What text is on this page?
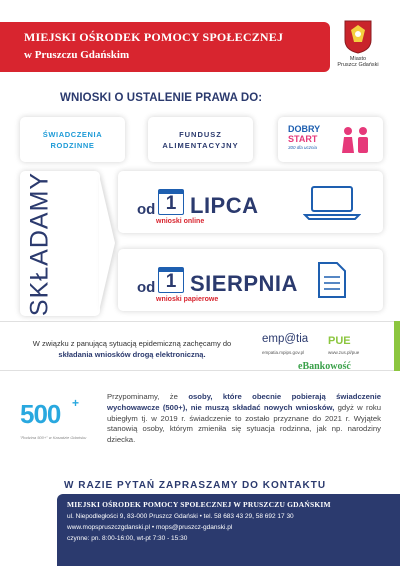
MIEJSKI OŚRODEK POMOCY SPOŁECZNEJ
w Pruszczu Gdańskim	Miasto
Pruszcz Gdański
WNIOSKI O USTALENIE PRAWA DO:
ŚWIADCZENIA
RODZINNE
FUNDUSZ
ALIMENTACYJNY
DOBRY
START
300 dla ucznia
SKŁADAMY	od 1 LIPCA
wnioski online
od 1 SIERPNIA
wnioski papierowe
W związku z panującą sytuacją epidemiczną zachęcamy do
składania wniosków drogą elektroniczną.
emp@tia
empatia.mpips.gov.pl
PUE
www.zus.pl/pue
eBankowość
500 +
"Rodzina 500+" w Kasadzie Gdańsku
Przypominamy, że osoby, które obecnie pobierają świadczenie wychowawcze (500+), nie muszą składać nowych wniosków, gdyż w roku ubiegłym tj. w 2019 r. świadczenie to zostało przyznane do 2021 r. Wyjątek stanowią osoby, którym zmieniła się sytuacja rodzinna, jak np. narodziny dziecka.
W RAZIE PYTAŃ ZAPRASZAMY DO KONTAKTU
MIEJSKI OŚRODEK POMOCY SPOŁECZNEJ W PRUSZCZU GDAŃSKIM
ul. Niepodległości 9, 83-000 Pruszcz Gdański • tel. 58 683 43 29, 58 692 17 30
www.mopspruszczgdanski.pl • mops@pruszcz-gdanski.pl
czynne: pn. 8:00-16:00, wt-pt 7:30 - 15:30
